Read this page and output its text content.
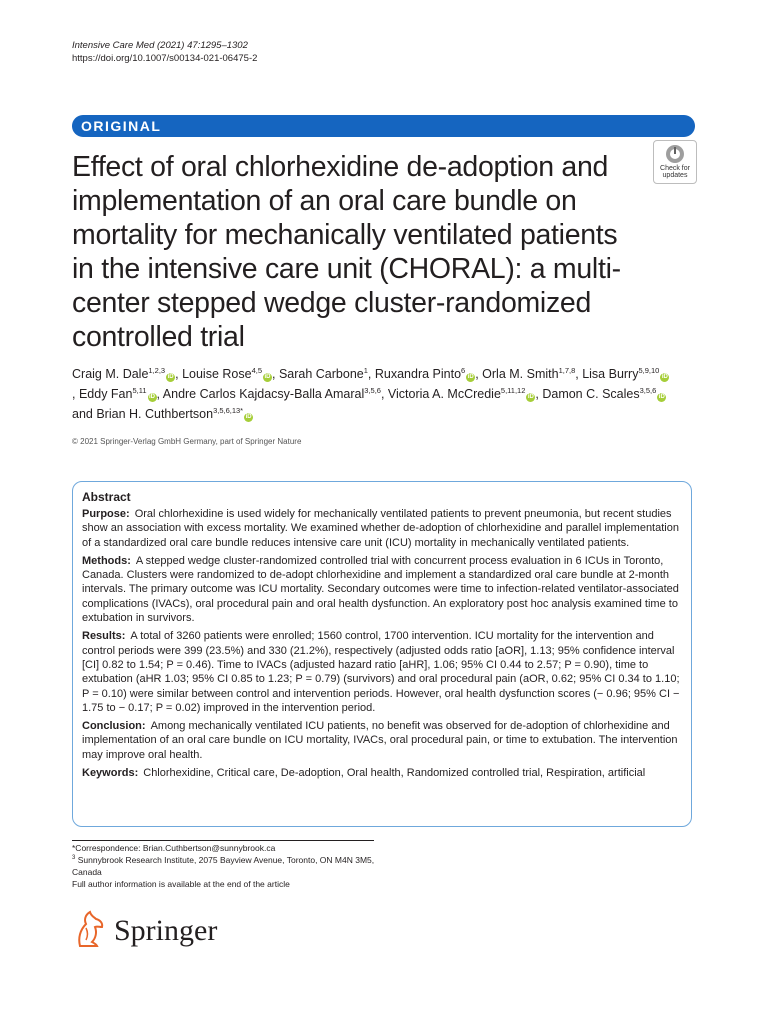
Intensive Care Med (2021) 47:1295–1302
https://doi.org/10.1007/s00134-021-06475-2
ORIGINAL
Effect of oral chlorhexidine de-adoption and implementation of an oral care bundle on mortality for mechanically ventilated patients in the intensive care unit (CHORAL): a multi-center stepped wedge cluster-randomized controlled trial
Check for
updates
Craig M. Dale$^{1,2,3}$iD , Louise Rose$^{4,5}$iD , Sarah Carbone$^1$, Ruxandra Pinto$^6$iD , Orla M. Smith$^{1,7,8}$, Lisa Burry$^{5,9,10}$iD, Eddy Fan$^{5,11}$iD , Andre Carlos Kajdacsy-Balla Amaral$^{3,5,6}$, Victoria A. McCredie$^{5,11,12}$iD , Damon C. Scales$^{3,5,6}$iD and Brian H. Cuthbertson$^{3,5,6,13*}$iD
© 2021 Springer-Verlag GmbH Germany, part of Springer Nature
Abstract

Purpose: Oral chlorhexidine is used widely for mechanically ventilated patients to prevent pneumonia, but recent studies show an association with excess mortality. We examined whether de-adoption of chlorhexidine and parallel implementation of a standardized oral care bundle reduces intensive care unit (ICU) mortality in mechanically ventilated patients.

Methods: A stepped wedge cluster-randomized controlled trial with concurrent process evaluation in 6 ICUs in Toronto, Canada. Clusters were randomized to de-adopt chlorhexidine and implement a standardized oral care bundle at 2-month intervals. The primary outcome was ICU mortality. Secondary outcomes were time to infection-related ventilator-associated complications (IVACs), oral procedural pain and oral health dysfunction. An exploratory post hoc analysis examined time to extubation in survivors.

Results: A total of 3260 patients were enrolled; 1560 control, 1700 intervention. ICU mortality for the intervention and control periods were 399 (23.5%) and 330 (21.2%), respectively (adjusted odds ratio [aOR], 1.13; 95% confidence interval [CI] 0.82 to 1.54; P = 0.46). Time to IVACs (adjusted hazard ratio [aHR], 1.06; 95% CI 0.44 to 2.57; P = 0.90), time to extubation (aHR 1.03; 95% CI 0.85 to 1.23; P = 0.79) (survivors) and oral procedural pain (aOR, 0.62; 95% CI 0.34 to 1.10; P = 0.10) were similar between control and intervention periods. However, oral health dysfunction scores (− 0.96; 95% CI − 1.75 to − 0.17; P = 0.02) improved in the intervention period.

Conclusion: Among mechanically ventilated ICU patients, no benefit was observed for de-adoption of chlorhexidine and implementation of an oral care bundle on ICU mortality, IVACs, oral procedural pain, or time to extubation. The intervention may improve oral health.

Keywords: Chlorhexidine, Critical care, De-adoption, Oral health, Randomized controlled trial, Respiration, artificial

*Correspondence: Brian.Cuthbertson@sunnybrook.ca
$^3$ Sunnybrook Research Institute, 2075 Bayview Avenue, Toronto, ON M4N 3M5, Canada
Full author information is available at the end of the article
Springer
